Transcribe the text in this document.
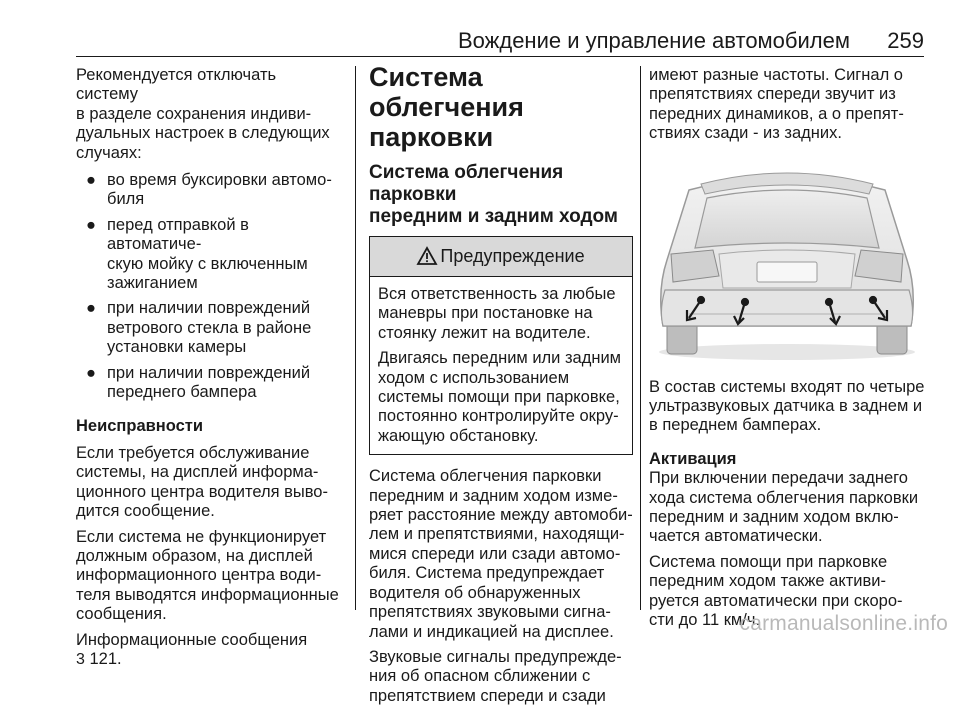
Вождение и управление автомобилем 259

Рекомендуется отключать систему
в разделе сохранения индиви-
дуальных настроек в следующих
случаях:

● во время буксировки автомо-
биля
● перед отправкой в автоматиче-
скую мойку с включенным
зажиганием
● при наличии повреждений
ветрового стекла в районе
установки камеры
● при наличии повреждений
переднего бампера

Неисправности

Если требуется обслуживание
системы, на дисплей информа-
ционного центра водителя выво-
дится сообщение.

Если система не функционирует
должным образом, на дисплей
информационного центра води-
теля выводятся информационные
сообщения.

Информационные сообщения
3 121.

Система облегчения
парковки
Система облегчения парковки
передним и задним ходом
Предупреждение

Вся ответственность за любые
маневры при постановке на
стоянку лежит на водителе.

Двигаясь передним или задним
ходом с использованием
системы помощи при парковке,
постоянно контролируйте окру-
жающую обстановку.

Система облегчения парковки
передним и задним ходом изме-
ряет расстояние между автомоби-
лем и препятствиями, находящи-
мися спереди или сзади автомо-
биля. Система предупреждает
водителя об обнаруженных
препятствиях звуковыми сигна-
лами и индикацией на дисплее.

Звуковые сигналы предупрежде-
ния об опасном сближении с
препятствием спереди и сзади

имеют разные частоты. Сигнал о
препятствиях спереди звучит из
передних динамиков, а о препят-
ствиях сзади - из задних.

В состав системы входят по четыре
ультразвуковых датчика в заднем и
в переднем бамперах.

Активация

При включении передачи заднего
хода система облегчения парковки
передним и задним ходом вклю-
чается автоматически.

Система помощи при парковке
передним ходом также активи-
руется автоматически при скоро-
сти до 11 км/ч.

carmanualsonline.info
